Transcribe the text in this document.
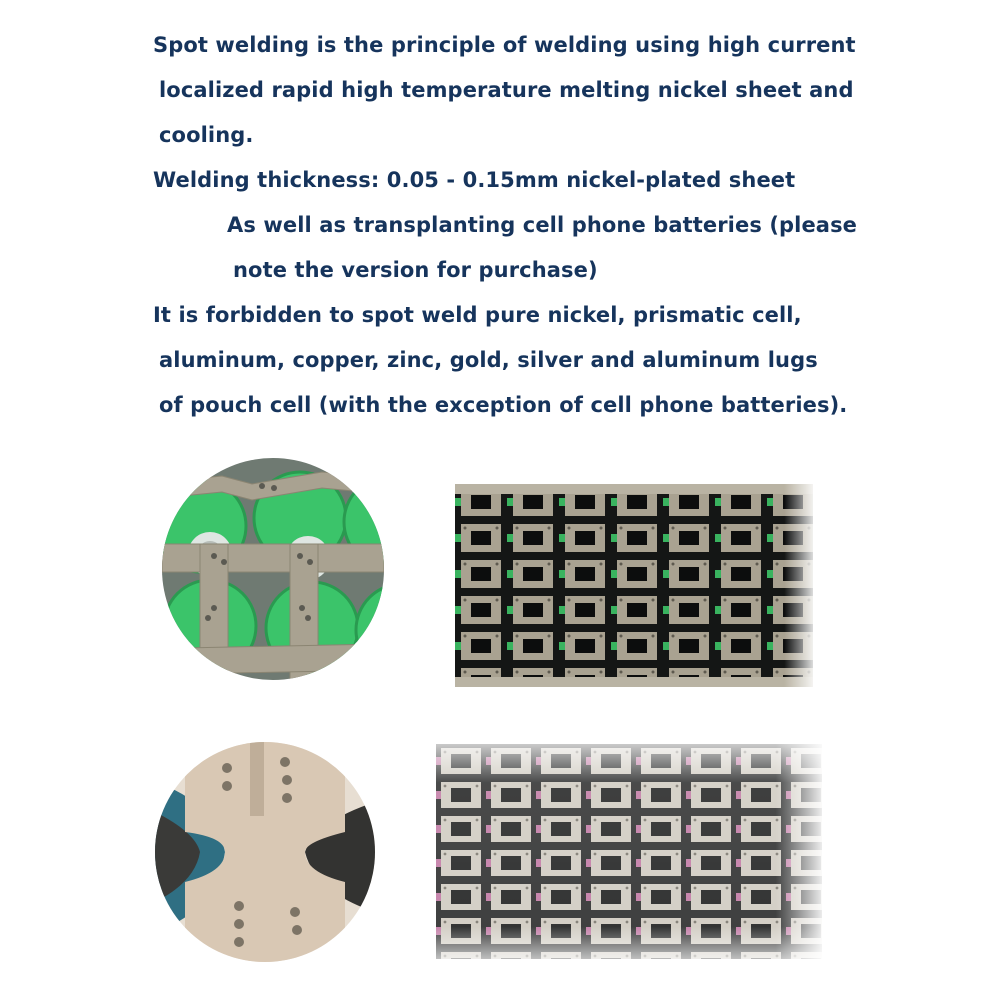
Spot welding is the principle of welding using high current
localized rapid high temperature melting nickel sheet and
cooling.
Welding thickness: 0.05 - 0.15mm nickel-plated sheet
As well as transplanting cell phone batteries (please
note the version for purchase)
It is forbidden to spot weld pure nickel, prismatic cell,
aluminum, copper, zinc, gold, silver and aluminum lugs
of pouch cell (with the exception of cell phone batteries).
